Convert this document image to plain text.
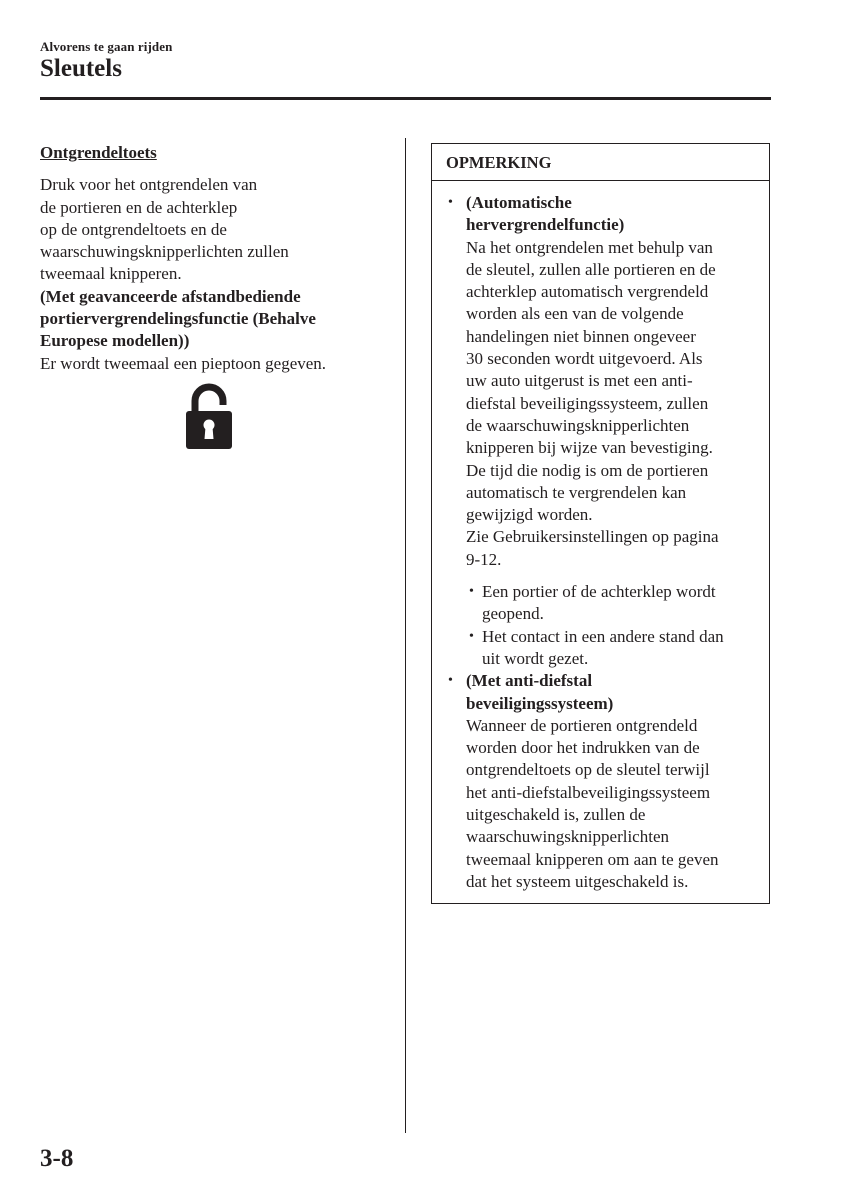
Alvorens te gaan rijden
Sleutels
Ontgrendeltoets
Druk voor het ontgrendelen van
de portieren en de achterklep
op de ontgrendeltoets en de
waarschuwingsknipperlichten zullen
tweemaal knipperen.
(Met geavanceerde afstandbediende
portiervergrendelingsfunctie (Behalve
Europese modellen))
Er wordt tweemaal een pieptoon gegeven.
OPMERKING
• (Automatische
hervergrendelfunctie)
Na het ontgrendelen met behulp van
de sleutel, zullen alle portieren en de
achterklep automatisch vergrendeld
worden als een van de volgende
handelingen niet binnen ongeveer
30 seconden wordt uitgevoerd. Als
uw auto uitgerust is met een anti-
diefstal beveiligingssysteem, zullen
de waarschuwingsknipperlichten
knipperen bij wijze van bevestiging.
De tijd die nodig is om de portieren
automatisch te vergrendelen kan
gewijzigd worden.
Zie Gebruikersinstellingen op pagina
9-12.
• Een portier of de achterklep wordt
geopend.
• Het contact in een andere stand dan
uit wordt gezet.
• (Met anti-diefstal
beveiligingssysteem)
Wanneer de portieren ontgrendeld
worden door het indrukken van de
ontgrendeltoets op de sleutel terwijl
het anti-diefstalbeveiligingssysteem
uitgeschakeld is, zullen de
waarschuwingsknipperlichten
tweemaal knipperen om aan te geven
dat het systeem uitgeschakeld is.
3-8
